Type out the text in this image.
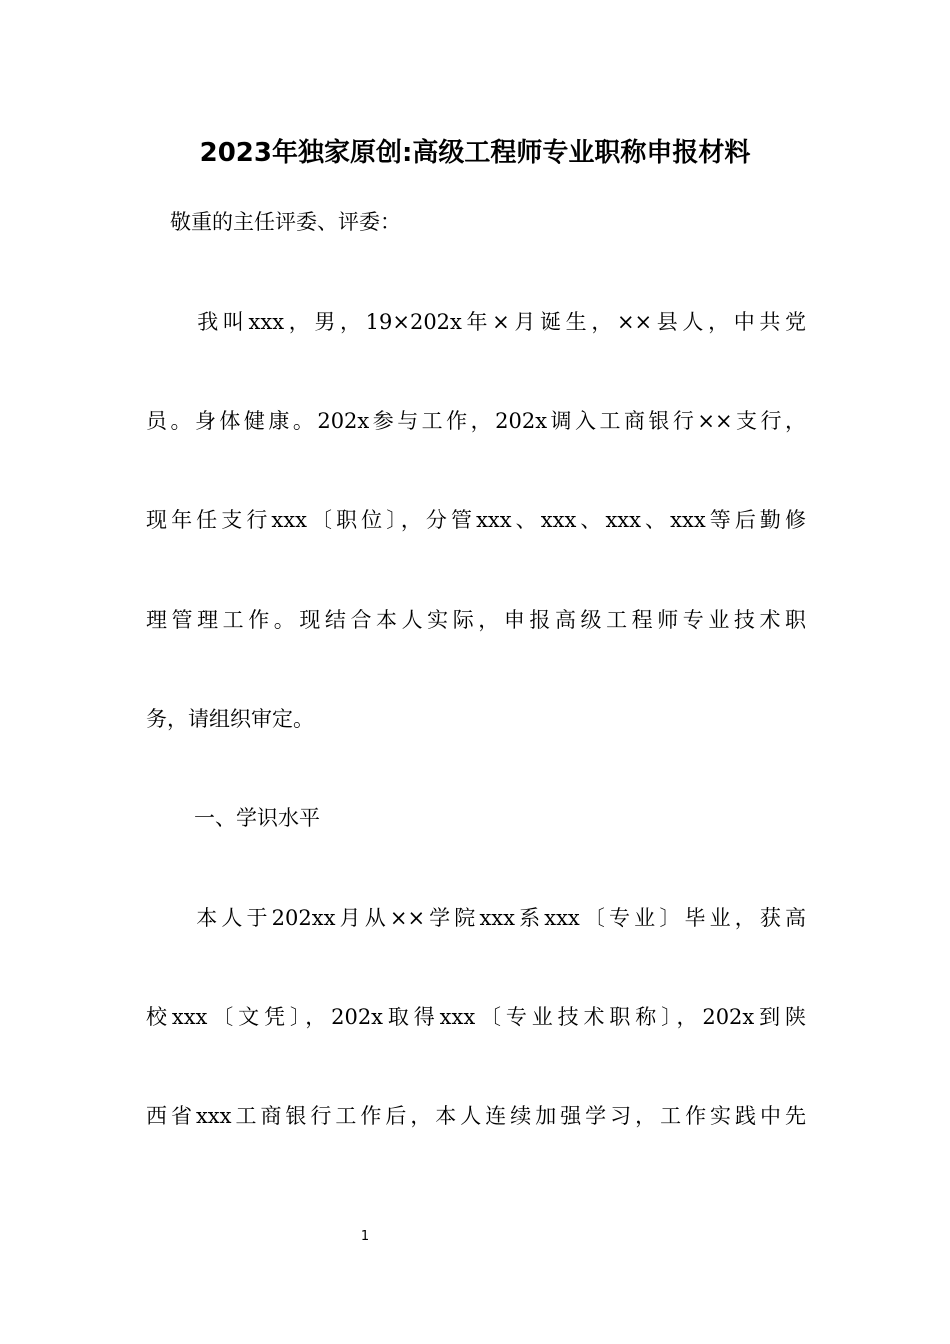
2023年独家原创:高级工程师专业职称申报材料
敬重的主任评委、评委：
　　我叫xxx，男，19×202x年×月诞生，××县人，中共党
员。身体健康。202x参与工作，202x调入工商银行××支行，
现年任支行xxx〔职位〕，分管xxx、xxx、xxx、xxx等后勤修
理管理工作。现结合本人实际，申报高级工程师专业技术职
务，请组织审定。
一、学识水平
　　本人于202xx月从××学院xxx系xxx〔专业〕毕业，获高
校xxx〔文凭〕，202x取得xxx〔专业技术职称〕，202x到陕
西省xxx工商银行工作后，本人连续加强学习，工作实践中先
1
